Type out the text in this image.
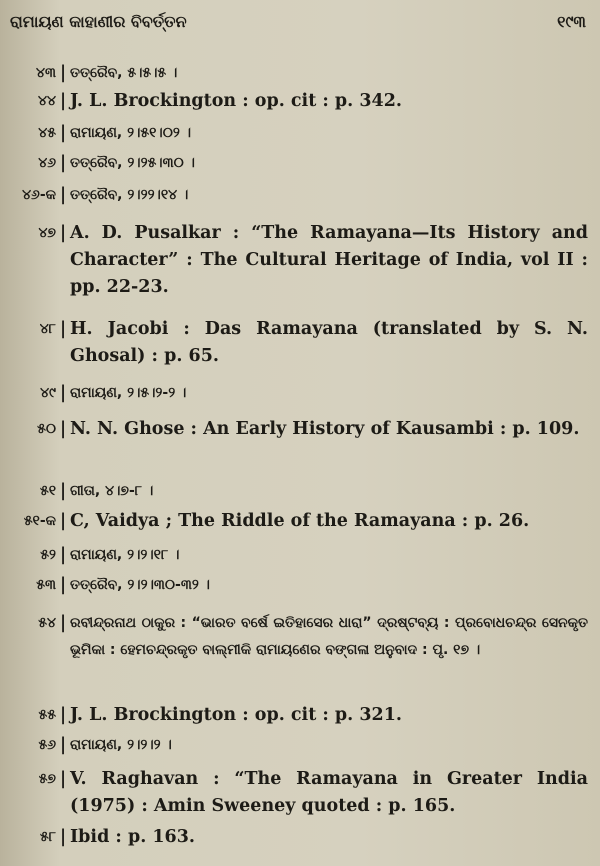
ରାମାୟଣ କାହାଣୀର ବିବର୍ତ୍ତନ	୧୯୩
୪୩ | ତତ୍ରୈବ, ୫।୫।୫ ।
୪୪ | J. L. Brockington : op. cit : p. 342.
୪୫ | ରାମାୟଣ, ୨।୫୧।୦୨ ।
୪୬ | ତତ୍ରୈବ, ୨।୨୫।୩୦ ।
୪୬-କ | ତତ୍ରୈବ, ୨।୨୨।୧୪ ।
୪୭ | A. D. Pusalkar : “The Ramayana—Its History and Character” : The Cultural Heritage of India, vol II : pp. 22-23.
୪୮ | H. Jacobi : Das Ramayana (translated by S. N. Ghosal) : p. 65.
୪୯ | ରାମାୟଣ, ୨।୫।୨-୨ ।
୫୦ | N. N. Ghose : An Early History of Kausambi : p. 109.
୫୧ | ଗୀତା, ୪।୭-୮ ।
୫୧-କ | C, Vaidya ; The Riddle of the Ramayana : p. 26.
୫୨ | ରାମାୟଣ, ୨।୨।୧୮ ।
୫୩ | ତତ୍ରୈବ, ୨।୨।୩୦-୩୨ ।
୫୪ | ରବୀନ୍ଦ୍ରନାଥ ଠାକୁର : “ଭାରତ ବର୍ଷେ ଇତିହାସେର ଧାରା” ଦ୍ରଷ୍ଟବ୍ୟ : ପ୍ରବୋଧଚନ୍ଦ୍ର ସେନକୃତ ଭୂମିକା : ହେମଚନ୍ଦ୍ରକୃତ ବାଲ୍ମୀକି ରାମାୟଣେର ବଙ୍ଗଳା ଅନୁବାଦ : ପୃ. ୧୭ ।
୫୫ | J. L. Brockington : op. cit : p. 321.
୫୬ | ରାମାୟଣ, ୨।୨।୨ ।
୫୭ | V. Raghavan : “The Ramayana in Greater India (1975) : Amin Sweeney quoted : p. 165.
୫୮ | Ibid : p. 163.
